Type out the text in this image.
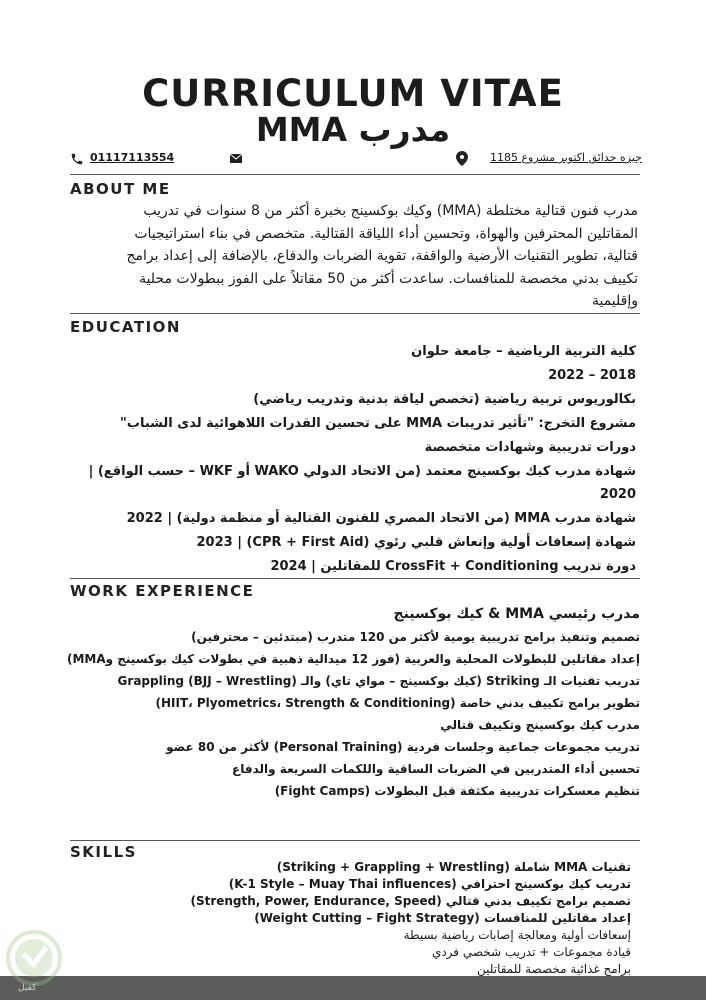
CURRICULUM VITAE
مدرب MMA
01117113554	جيزه حدائق اكتوبر مشروع 1185
ABOUT ME
مدرب فنون قتالية مختلطة (MMA) وكيك بوكسينج بخبرة أكثر من 8 سنوات في تدريب المقاتلين المحترفين والهواة، وتحسين أداء اللياقة القتالية. متخصص في بناء استراتيجيات قتالية، تطوير التقنيات الأرضية والواقفة، تقوية الضربات والدفاع، بالإضافة إلى إعداد برامج تكييف بدني مخصصة للمنافسات. ساعدت أكثر من 50 مقاتلاً على الفوز ببطولات محلية وإقليمية
EDUCATION
كلية التربية الرياضية – جامعة حلوان
2018 – 2022
بكالوريوس تربية رياضية (تخصص لياقة بدنية وتدريب رياضي)
مشروع التخرج: "تأثير تدريبات MMA على تحسين القدرات اللاهوائية لدى الشباب"
دورات تدريبية وشهادات متخصصة
شهادة مدرب كيك بوكسينج معتمد (من الاتحاد الدولي WAKO أو WKF – حسب الواقع) |
2020
شهادة مدرب MMA (من الاتحاد المصري للفنون القتالية أو منظمة دولية) | 2022
شهادة إسعافات أولية وإنعاش قلبي رئوي (CPR + First Aid) | 2023
دورة تدريب CrossFit + Conditioning للمقاتلين | 2024
WORK EXPERIENCE
مدرب رئيسي MMA & كيك بوكسينج
تصميم وتنفيذ برامج تدريبية يومية لأكثر من 120 متدرب (مبتدئين – محترفين)
إعداد مقاتلين للبطولات المحلية والعربية (فوز 12 ميدالية ذهبية في بطولات كيك بوكسينج وMMA)
تدريب تقنيات الـ Striking (كيك بوكسينج – مواي تاي) والـ Grappling (BJJ – Wrestling)
تطوير برامج تكييف بدني خاصة (HIIT، Plyometrics، Strength & Conditioning)
مدرب كيك بوكسينج وتكييف قتالي
تدريب مجموعات جماعية وجلسات فردية (Personal Training) لأكثر من 80 عضو
تحسين أداء المتدربين في الضربات الساقية واللكمات السريعة والدفاع
تنظيم معسكرات تدريبية مكثفة قبل البطولات (Fight Camps)
SKILLS
تقنيات MMA شاملة (Striking + Grappling + Wrestling)
تدريب كيك بوكسينج احترافي (K-1 Style – Muay Thai influences)
تصميم برامج تكييف بدني قتالي (Strength, Power, Endurance, Speed)
إعداد مقاتلين للمنافسات (Weight Cutting – Fight Strategy)
إسعافات أولية ومعالجة إصابات رياضية بسيطة
قيادة مجموعات + تدريب شخصي فردي
برامج غذائية مخصصة للمقاتلين
كفيل
